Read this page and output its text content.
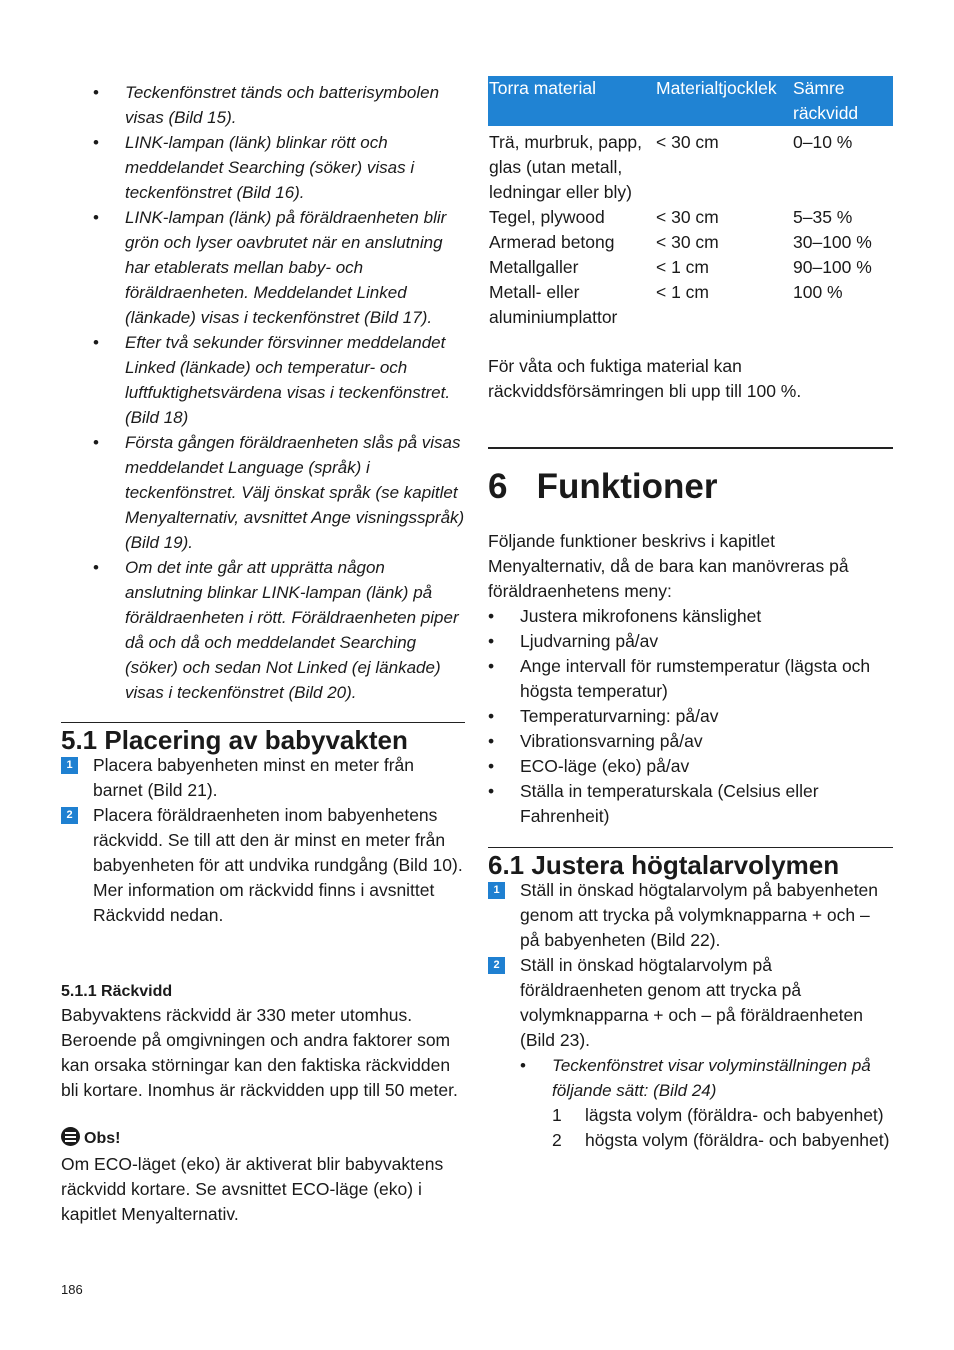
• Teckenfönstret tänds och batterisymbolen visas (Bild 15).
• LINK-lampan (länk) blinkar rött och meddelandet Searching (söker) visas i teckenfönstret (Bild 16).
• LINK-lampan (länk) på föräldraenheten blir grön och lyser oavbrutet när en anslutning har etablerats mellan baby- och föräldraenheten. Meddelandet Linked (länkade) visas i teckenfönstret (Bild 17).
• Efter två sekunder försvinner meddelandet Linked (länkade) och temperatur- och luftfuktighetsvärdena visas i teckenfönstret. (Bild 18)
• Första gången föräldraenheten slås på visas meddelandet Language (språk) i teckenfönstret. Välj önskat språk (se kapitlet Menyalternativ, avsnittet Ange visningsspråk) (Bild 19).
• Om det inte går att upprätta någon anslutning blinkar LINK-lampan (länk) på föräldraenheten i rött. Föräldraenheten piper då och då och meddelandet Searching (söker) och sedan Not Linked (ej länkade) visas i teckenfönstret (Bild 20).
5.1 Placering av babyvakten
1	Placera babyenheten minst en meter från barnet (Bild 21).
2	Placera föräldraenheten inom babyenhetens räckvidd. Se till att den är minst en meter från babyenheten för att undvika rundgång (Bild 10).
Mer information om räckvidd finns i avsnittet Räckvidd nedan.
5.1.1 Räckvidd

Babyvaktens räckvidd är 330 meter utomhus. Beroende på omgivningen och andra faktorer som kan orsaka störningar kan den faktiska räckvidden bli kortare. Inomhus är räckvidden upp till 50 meter.

Obs!

Om ECO-läget (eko) är aktiverat blir babyvaktens räckvidd kortare. Se avsnittet ECO-läge (eko) i kapitlet Menyalternativ.

Torra material	Materialtjocklek	Sämre räckvidd
Trä, murbruk, papp, glas (utan metall, ledningar eller bly)	< 30 cm	0–10 %
Tegel, plywood	< 30 cm	5–35 %
Armerad betong	< 30 cm	30–100 %
Metallgaller	< 1 cm	90–100 %
Metall- eller aluminiumplattor	< 1 cm	100 %

För våta och fuktiga material kan räckviddsförsämringen bli upp till 100 %.

6   Funktioner

Följande funktioner beskrivs i kapitlet Menyalternativ, då de bara kan manövreras på föräldraenhetens meny:

• Justera mikrofonens känslighet
• Ljudvarning på/av
• Ange intervall för rumstemperatur (lägsta och högsta temperatur)
• Temperaturvarning: på/av
• Vibrationsvarning på/av
• ECO-läge (eko) på/av
• Ställa in temperaturskala (Celsius eller Fahrenheit)
6.1 Justera högtalarvolymen
1	Ställ in önskad högtalarvolym på babyenheten genom att trycka på volymknapparna + och – på babyenheten (Bild 22).
2	Ställ in önskad högtalarvolym på föräldraenheten genom att trycka på volymknapparna + och – på föräldraenheten (Bild 23).
• Teckenfönstret visar volyminställningen på följande sätt: (Bild 24)
1 lägsta volym (föräldra- och babyenhet)
2 högsta volym (föräldra- och babyenhet)
186
